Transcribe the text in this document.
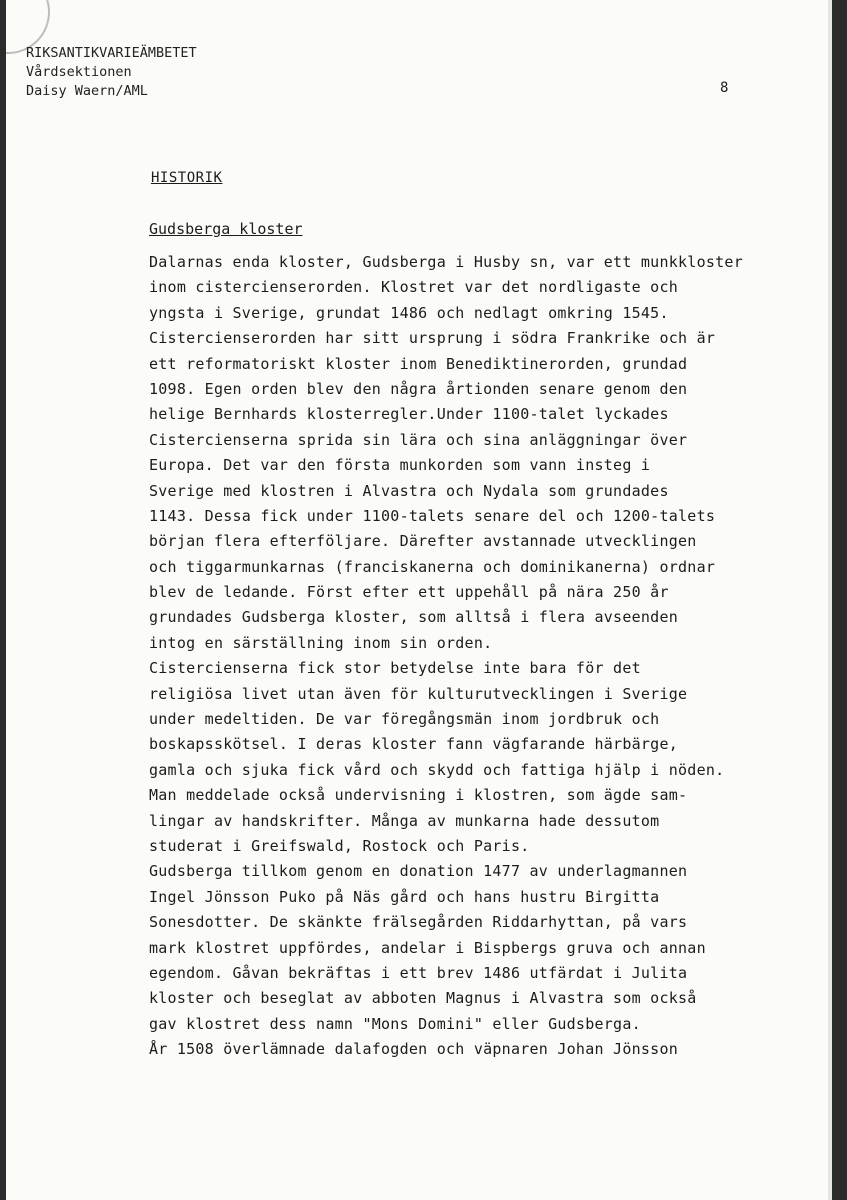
RIKSANTIKVARIEÄMBETET
Vårdsektionen
Daisy Waern/AML	8
HISTORIK
Gudsberga kloster
Dalarnas enda kloster, Gudsberga i Husby sn, var ett munkkloster
inom cistercienserorden. Klostret var det nordligaste och
yngsta i Sverige, grundat 1486 och nedlagt omkring 1545.
Cistercienserorden har sitt ursprung i södra Frankrike och är
ett reformatoriskt kloster inom Benediktinerorden, grundad
1098. Egen orden blev den några årtionden senare genom den
helige Bernhards klosterregler.Under 1100-talet lyckades
Cistercienserna sprida sin lära och sina anläggningar över
Europa. Det var den första munkorden som vann insteg i
Sverige med klostren i Alvastra och Nydala som grundades
1143. Dessa fick under 1100-talets senare del och 1200-talets
början flera efterföljare. Därefter avstannade utvecklingen
och tiggarmunkarnas (franciskanerna och dominikanerna) ordnar
blev de ledande. Först efter ett uppehåll på nära 250 år
grundades Gudsberga kloster, som alltså i flera avseenden
intog en särställning inom sin orden.
Cistercienserna fick stor betydelse inte bara för det
religiösa livet utan även för kulturutvecklingen i Sverige
under medeltiden. De var föregångsmän inom jordbruk och
boskapsskötsel. I deras kloster fann vägfarande härbärge,
gamla och sjuka fick vård och skydd och fattiga hjälp i nöden.
Man meddelade också undervisning i klostren, som ägde sam-
lingar av handskrifter. Många av munkarna hade dessutom
studerat i Greifswald, Rostock och Paris.
Gudsberga tillkom genom en donation 1477 av underlagmannen
Ingel Jönsson Puko på Näs gård och hans hustru Birgitta
Sonesdotter. De skänkte frälsegården Riddarhyttan, på vars
mark klostret uppfördes, andelar i Bispbergs gruva och annan
egendom. Gåvan bekräftas i ett brev 1486 utfärdat i Julita
kloster och beseglat av abboten Magnus i Alvastra som också
gav klostret dess namn "Mons Domini" eller Gudsberga.
År 1508 överlämnade dalafogden och väpnaren Johan Jönsson
